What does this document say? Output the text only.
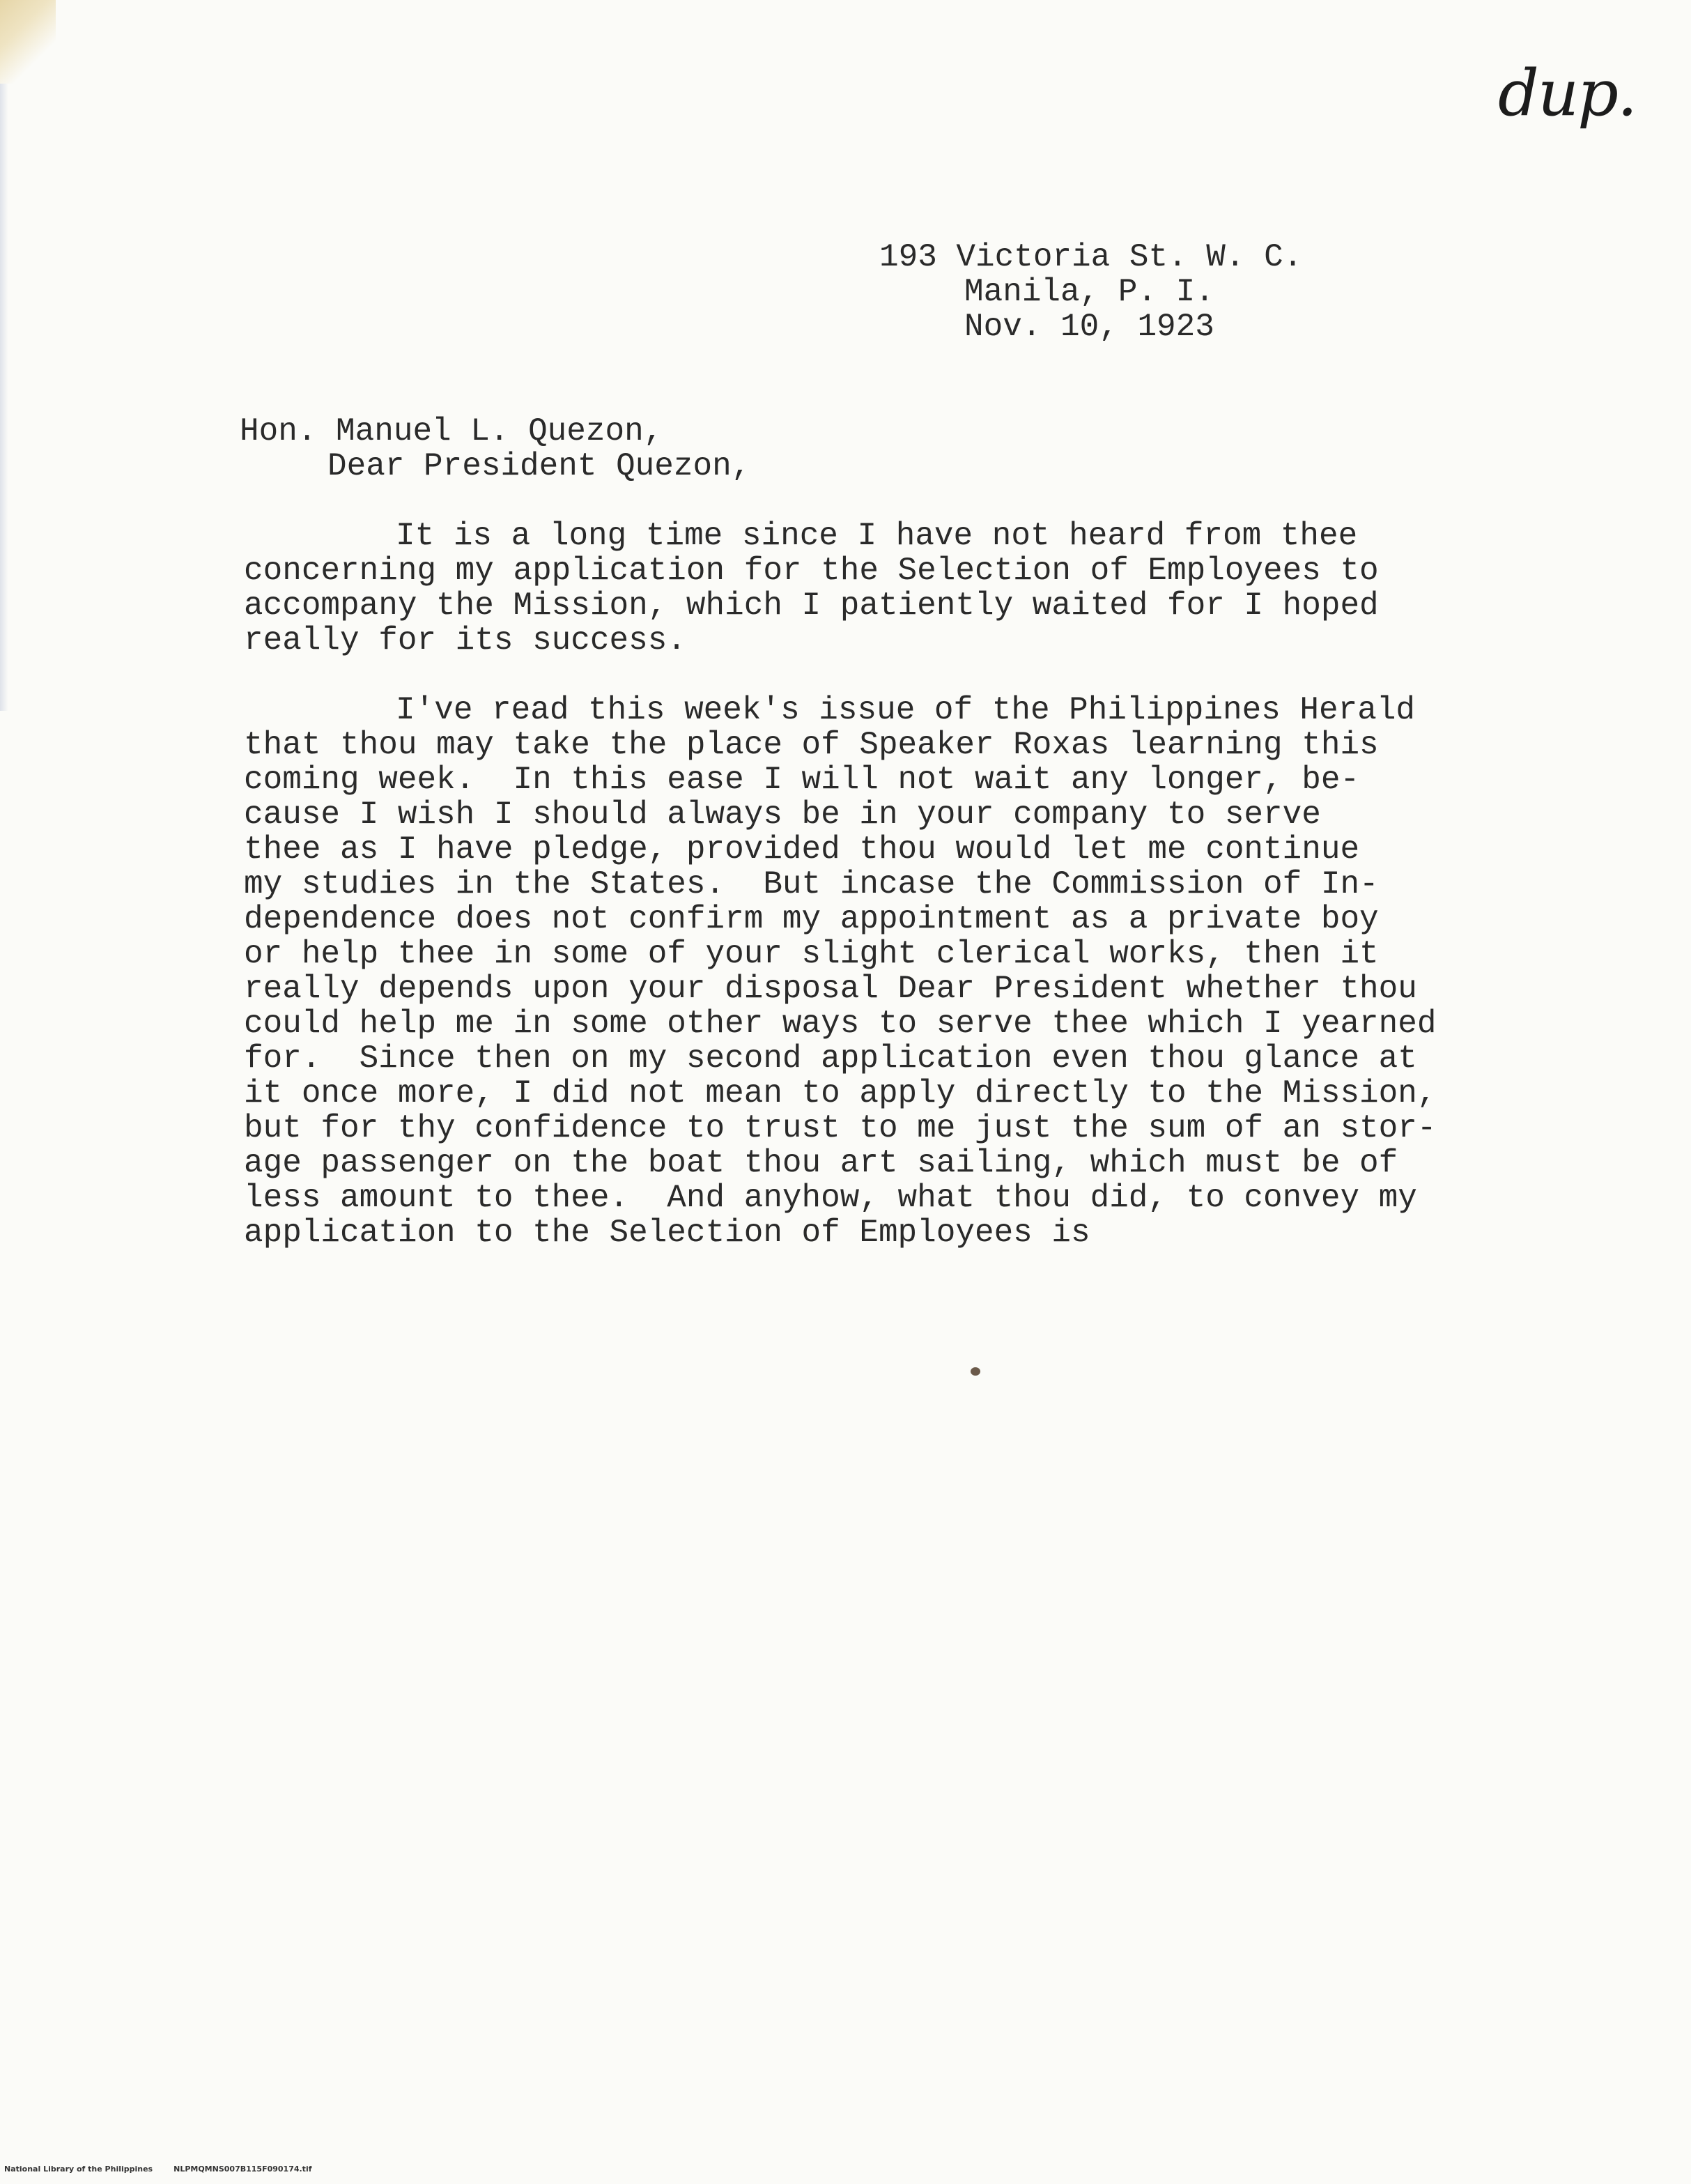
dup.
193 Victoria St. W. C.
Manila, P. I.
Nov. 10, 1923
Hon. Manuel L. Quezon,
Dear President Quezon,
It is a long time since I have not heard from thee
concerning my application for the Selection of Employees to
accompany the Mission, which I patiently waited for I hoped
really for its success.
I've read this week's issue of the Philippines Herald
that thou may take the place of Speaker Roxas learning this
coming week.  In this ease I will not wait any longer, be-
cause I wish I should always be in your company to serve
thee as I have pledge, provided thou would let me continue
my studies in the States.  But incase the Commission of In-
dependence does not confirm my appointment as a private boy
or help thee in some of your slight clerical works, then it
really depends upon your disposal Dear President whether thou
could help me in some other ways to serve thee which I yearned
for.  Since then on my second application even thou glance at
it once more, I did not mean to apply directly to the Mission,
but for thy confidence to trust to me just the sum of an stor-
age passenger on the boat thou art sailing, which must be of
less amount to thee.  And anyhow, what thou did, to convey my
application to the Selection of Employees is
National Library of the Philippines	NLPMQMNS007B115F090174.tif
